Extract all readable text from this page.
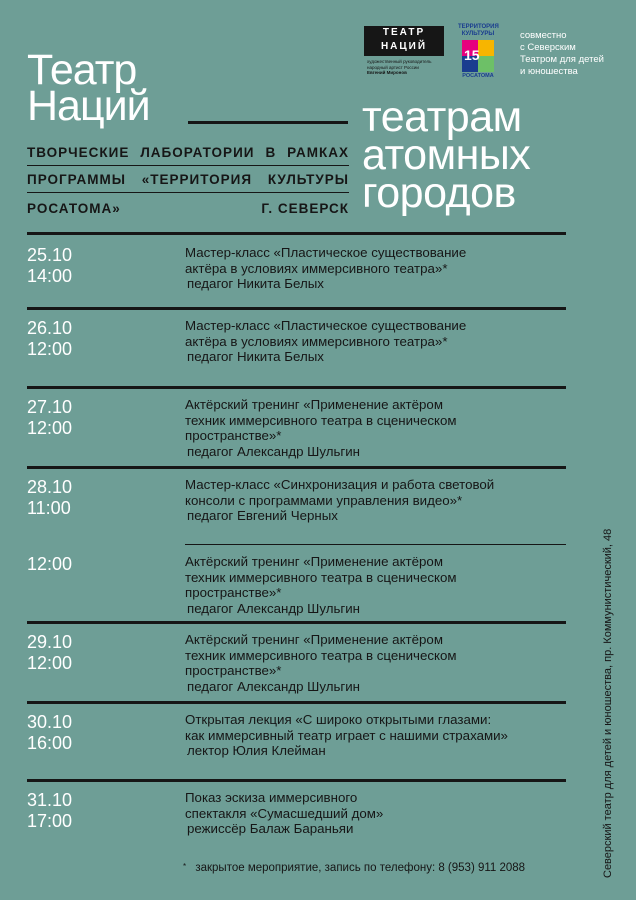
Театр
Наций
ТВОРЧЕСКИЕ ЛАБОРАТОРИИ В РАМКАХ
ПРОГРАММЫ «ТЕРРИТОРИЯ КУЛЬТУРЫ
РОСАТОМА»	Г. СЕВЕРСК
театрам
атомных
городов
ТЕАТР
НАЦИЙ
художественный руководитель
народный артист России
Евгений Миронов
ТЕРРИТОРИЯ
КУЛЬТУРЫ
15
РОСАТОМА
совместно
с Северским
Театром для детей
и юношества
25.10
14:00
Мастер-класс «Пластическое существование
актёра в условиях иммерсивного театра»*
педагог Никита Белых
26.10
12:00
Мастер-класс «Пластическое существование
актёра в условиях иммерсивного театра»*
педагог Никита Белых
27.10
12:00
Актёрский тренинг «Применение актёром
техник иммерсивного театра в сценическом
пространстве»*
педагог Александр Шульгин
28.10
11:00
Мастер-класс «Синхронизация и работа световой
консоли с программами управления видео»*
педагог Евгений Черных
12:00	Актёрский тренинг «Применение актёром
техник иммерсивного театра в сценическом
пространстве»*
педагог Александр Шульгин
29.10
12:00
Актёрский тренинг «Применение актёром
техник иммерсивного театра в сценическом
пространстве»*
педагог Александр Шульгин
30.10
16:00
Открытая лекция «С широко открытыми глазами:
как иммерсивный театр играет с нашими страхами»
лектор Юлия Клейман
31.10
17:00
Показ эскиза иммерсивного
спектакля «Сумасшедший дом»
режиссёр Балаж Бараньяи
* закрытое мероприятие, запись по телефону: 8 (953) 911 2088	Северский театр для детей и юношества, пр. Коммунистический, 48
